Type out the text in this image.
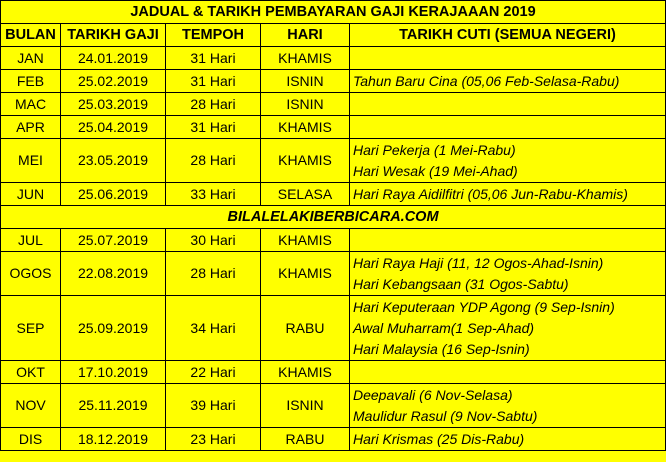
JADUAL & TARIKH PEMBAYARAN GAJI KERAJAAAN 2019				
BULAN	TARIKH GAJI	TEMPOH	HARI	TARIKH CUTI (SEMUA NEGERI)
JAN	24.01.2019	31 Hari	KHAMIS	
FEB	25.02.2019	31 Hari	ISNIN	Tahun Baru Cina (05,06 Feb-Selasa-Rabu)

MAC	25.03.2019	28 Hari	ISNIN	
APR	25.04.2019	31 Hari	KHAMIS	
MEI	23.05.2019	28 Hari	KHAMIS	Hari Pekerja (1 Mei-Rabu)
Hari Wesak (19 Mei-Ahad)

JUN	25.06.2019	33 Hari	SELASA	Hari Raya Aidilfitri (05,06 Jun-Rabu-Khamis)

BILALELAKIBERBICARA.COM				
JUL	25.07.2019	30 Hari	KHAMIS	
OGOS	22.08.2019	28 Hari	KHAMIS	Hari Raya Haji (11, 12 Ogos-Ahad-Isnin)
Hari Kebangsaan (31 Ogos-Sabtu)

SEP	25.09.2019	34 Hari	RABU	Hari Keputeraan YDP Agong (9 Sep-Isnin)
Awal Muharram(1 Sep-Ahad)
Hari Malaysia (16 Sep-Isnin)

OKT	17.10.2019	22 Hari	KHAMIS	
NOV	25.11.2019	39 Hari	ISNIN	Deepavali (6 Nov-Selasa)
Maulidur Rasul (9 Nov-Sabtu)

DIS	18.12.2019	23 Hari	RABU	Hari Krismas (25 Dis-Rabu)
